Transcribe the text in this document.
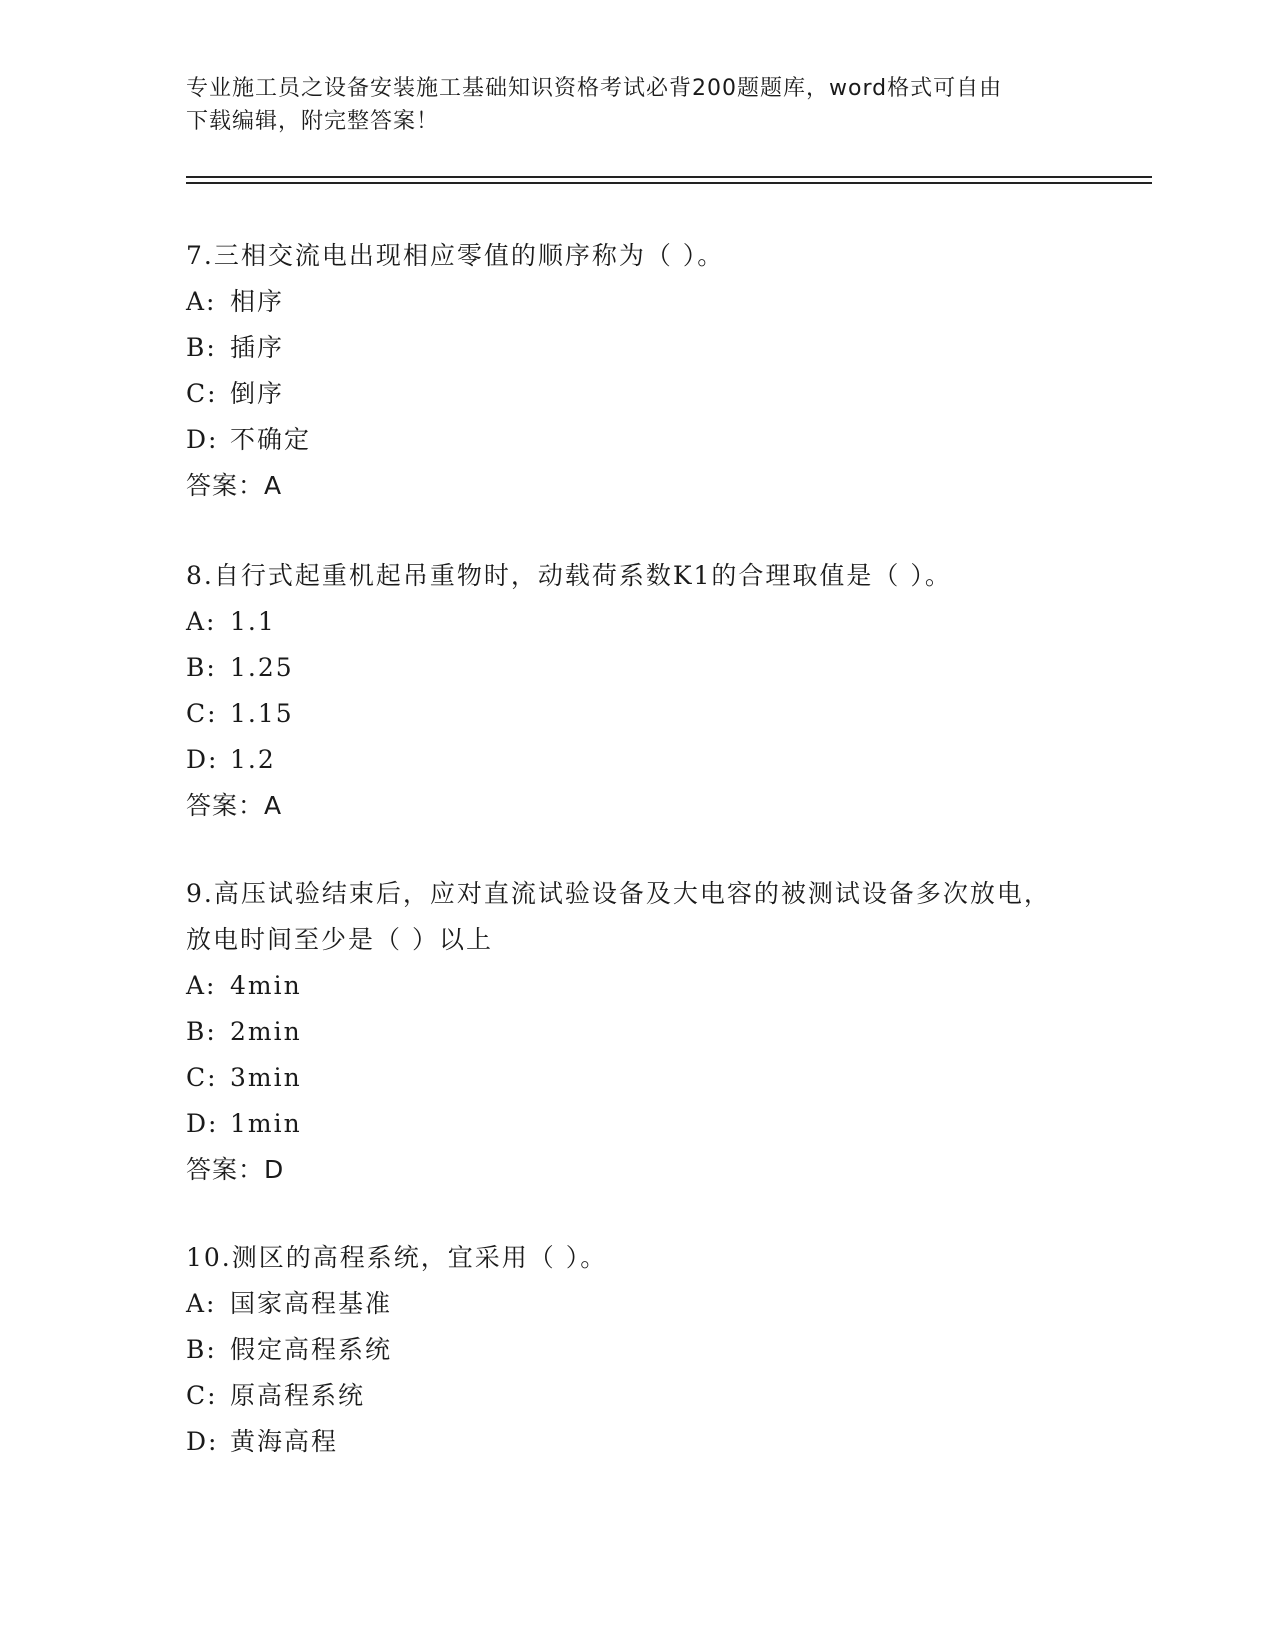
专业施工员之设备安装施工基础知识资格考试必背200题题库，word格式可自由
下载编辑，附完整答案！
7.三相交流电出现相应零值的顺序称为（ ）。
A: 相序
B: 插序
C: 倒序
D: 不确定
答案：A
8.自行式起重机起吊重物时，动载荷系数K1的合理取值是（ ）。
A: 1.1
B: 1.25
C: 1.15
D: 1.2
答案：A
9.高压试验结束后，应对直流试验设备及大电容的被测试设备多次放电，放电时间至少是（ ）以上
A: 4min
B: 2min
C: 3min
D: 1min
答案：D
10.测区的高程系统，宜采用（ ）。
A: 国家高程基准
B: 假定高程系统
C: 原高程系统
D: 黄海高程
